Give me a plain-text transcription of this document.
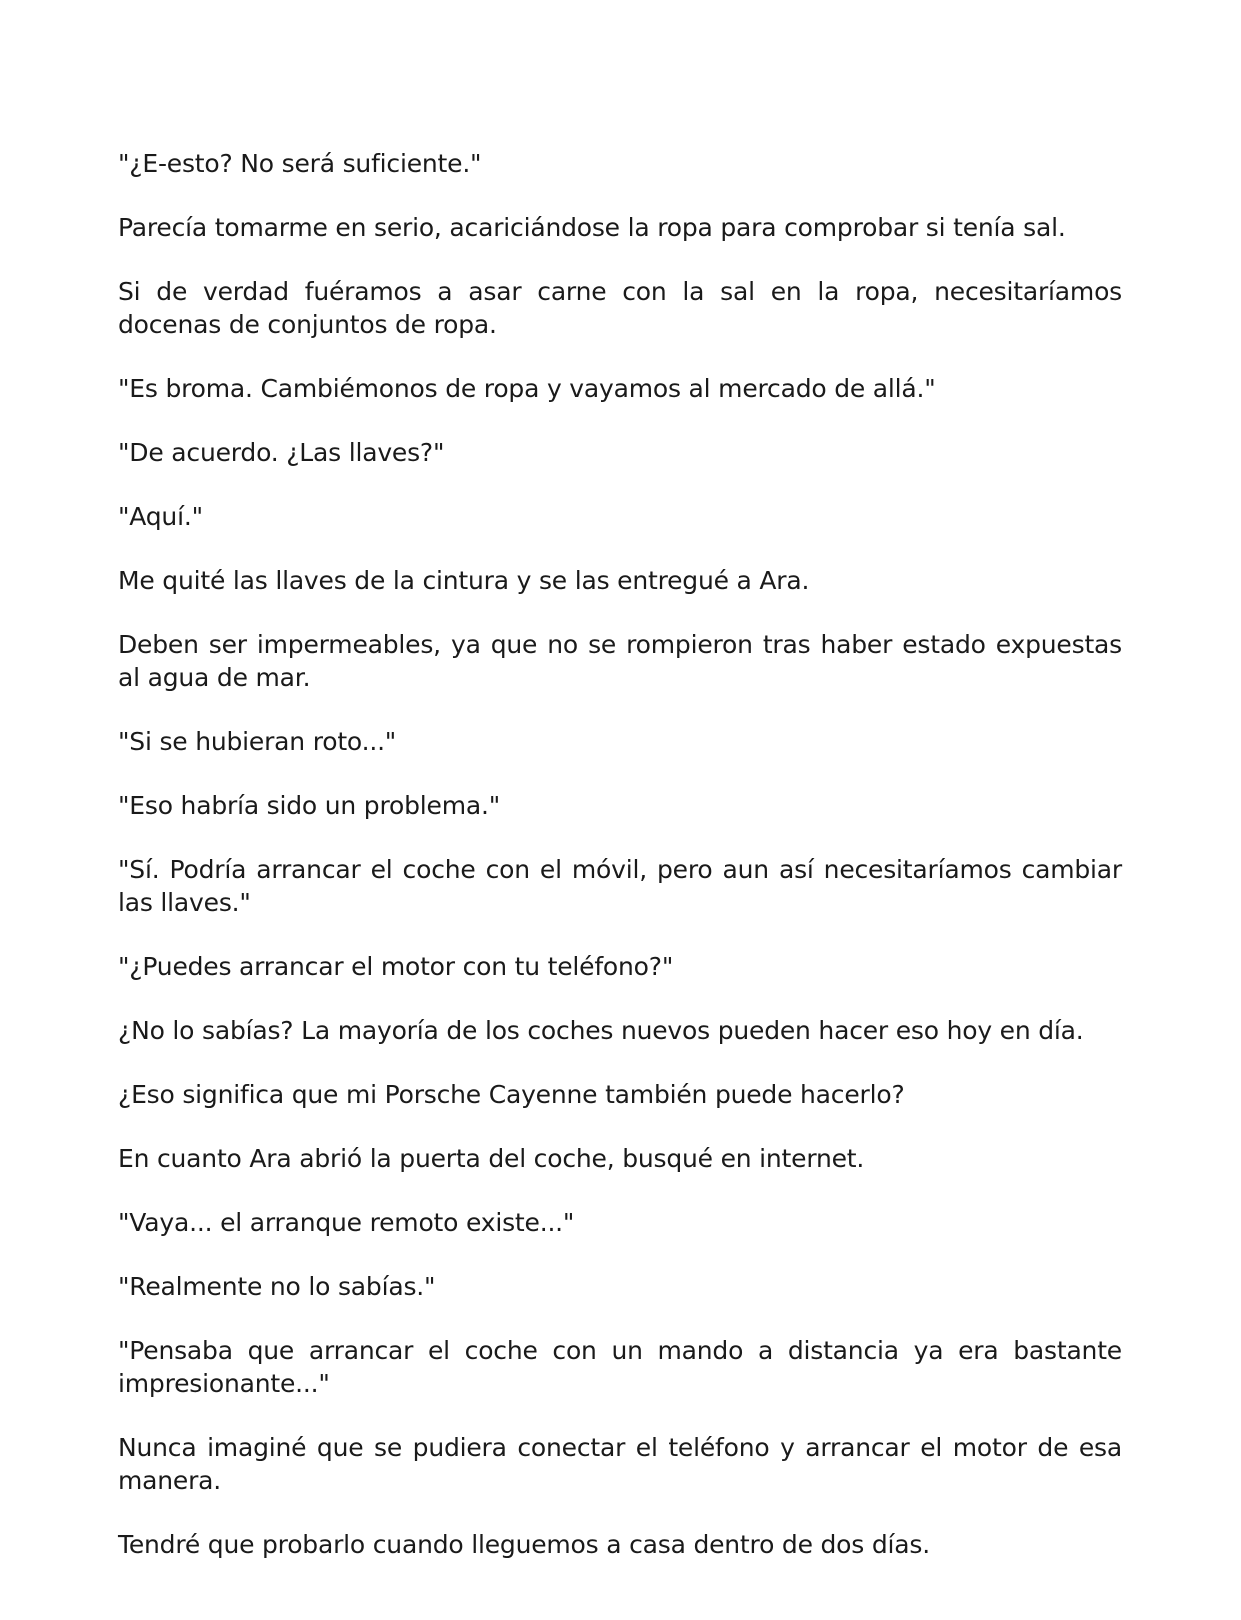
"¿E-esto? No será suficiente."

Parecía tomarme en serio, acariciándose la ropa para comprobar si tenía sal.

Si de verdad fuéramos a asar carne con la sal en la ropa, necesitaríamos docenas de conjuntos de ropa.

"Es broma. Cambiémonos de ropa y vayamos al mercado de allá."

"De acuerdo. ¿Las llaves?"

"Aquí."

Me quité las llaves de la cintura y se las entregué a Ara.

Deben ser impermeables, ya que no se rompieron tras haber estado expuestas al agua de mar.

"Si se hubieran roto..."

"Eso habría sido un problema."

"Sí. Podría arrancar el coche con el móvil, pero aun así necesitaríamos cambiar las llaves."

"¿Puedes arrancar el motor con tu teléfono?"

¿No lo sabías? La mayoría de los coches nuevos pueden hacer eso hoy en día.

¿Eso significa que mi Porsche Cayenne también puede hacerlo?

En cuanto Ara abrió la puerta del coche, busqué en internet.

"Vaya... el arranque remoto existe..."

"Realmente no lo sabías."

"Pensaba que arrancar el coche con un mando a distancia ya era bastante impresionante..."

Nunca imaginé que se pudiera conectar el teléfono y arrancar el motor de esa manera.

Tendré que probarlo cuando lleguemos a casa dentro de dos días.
